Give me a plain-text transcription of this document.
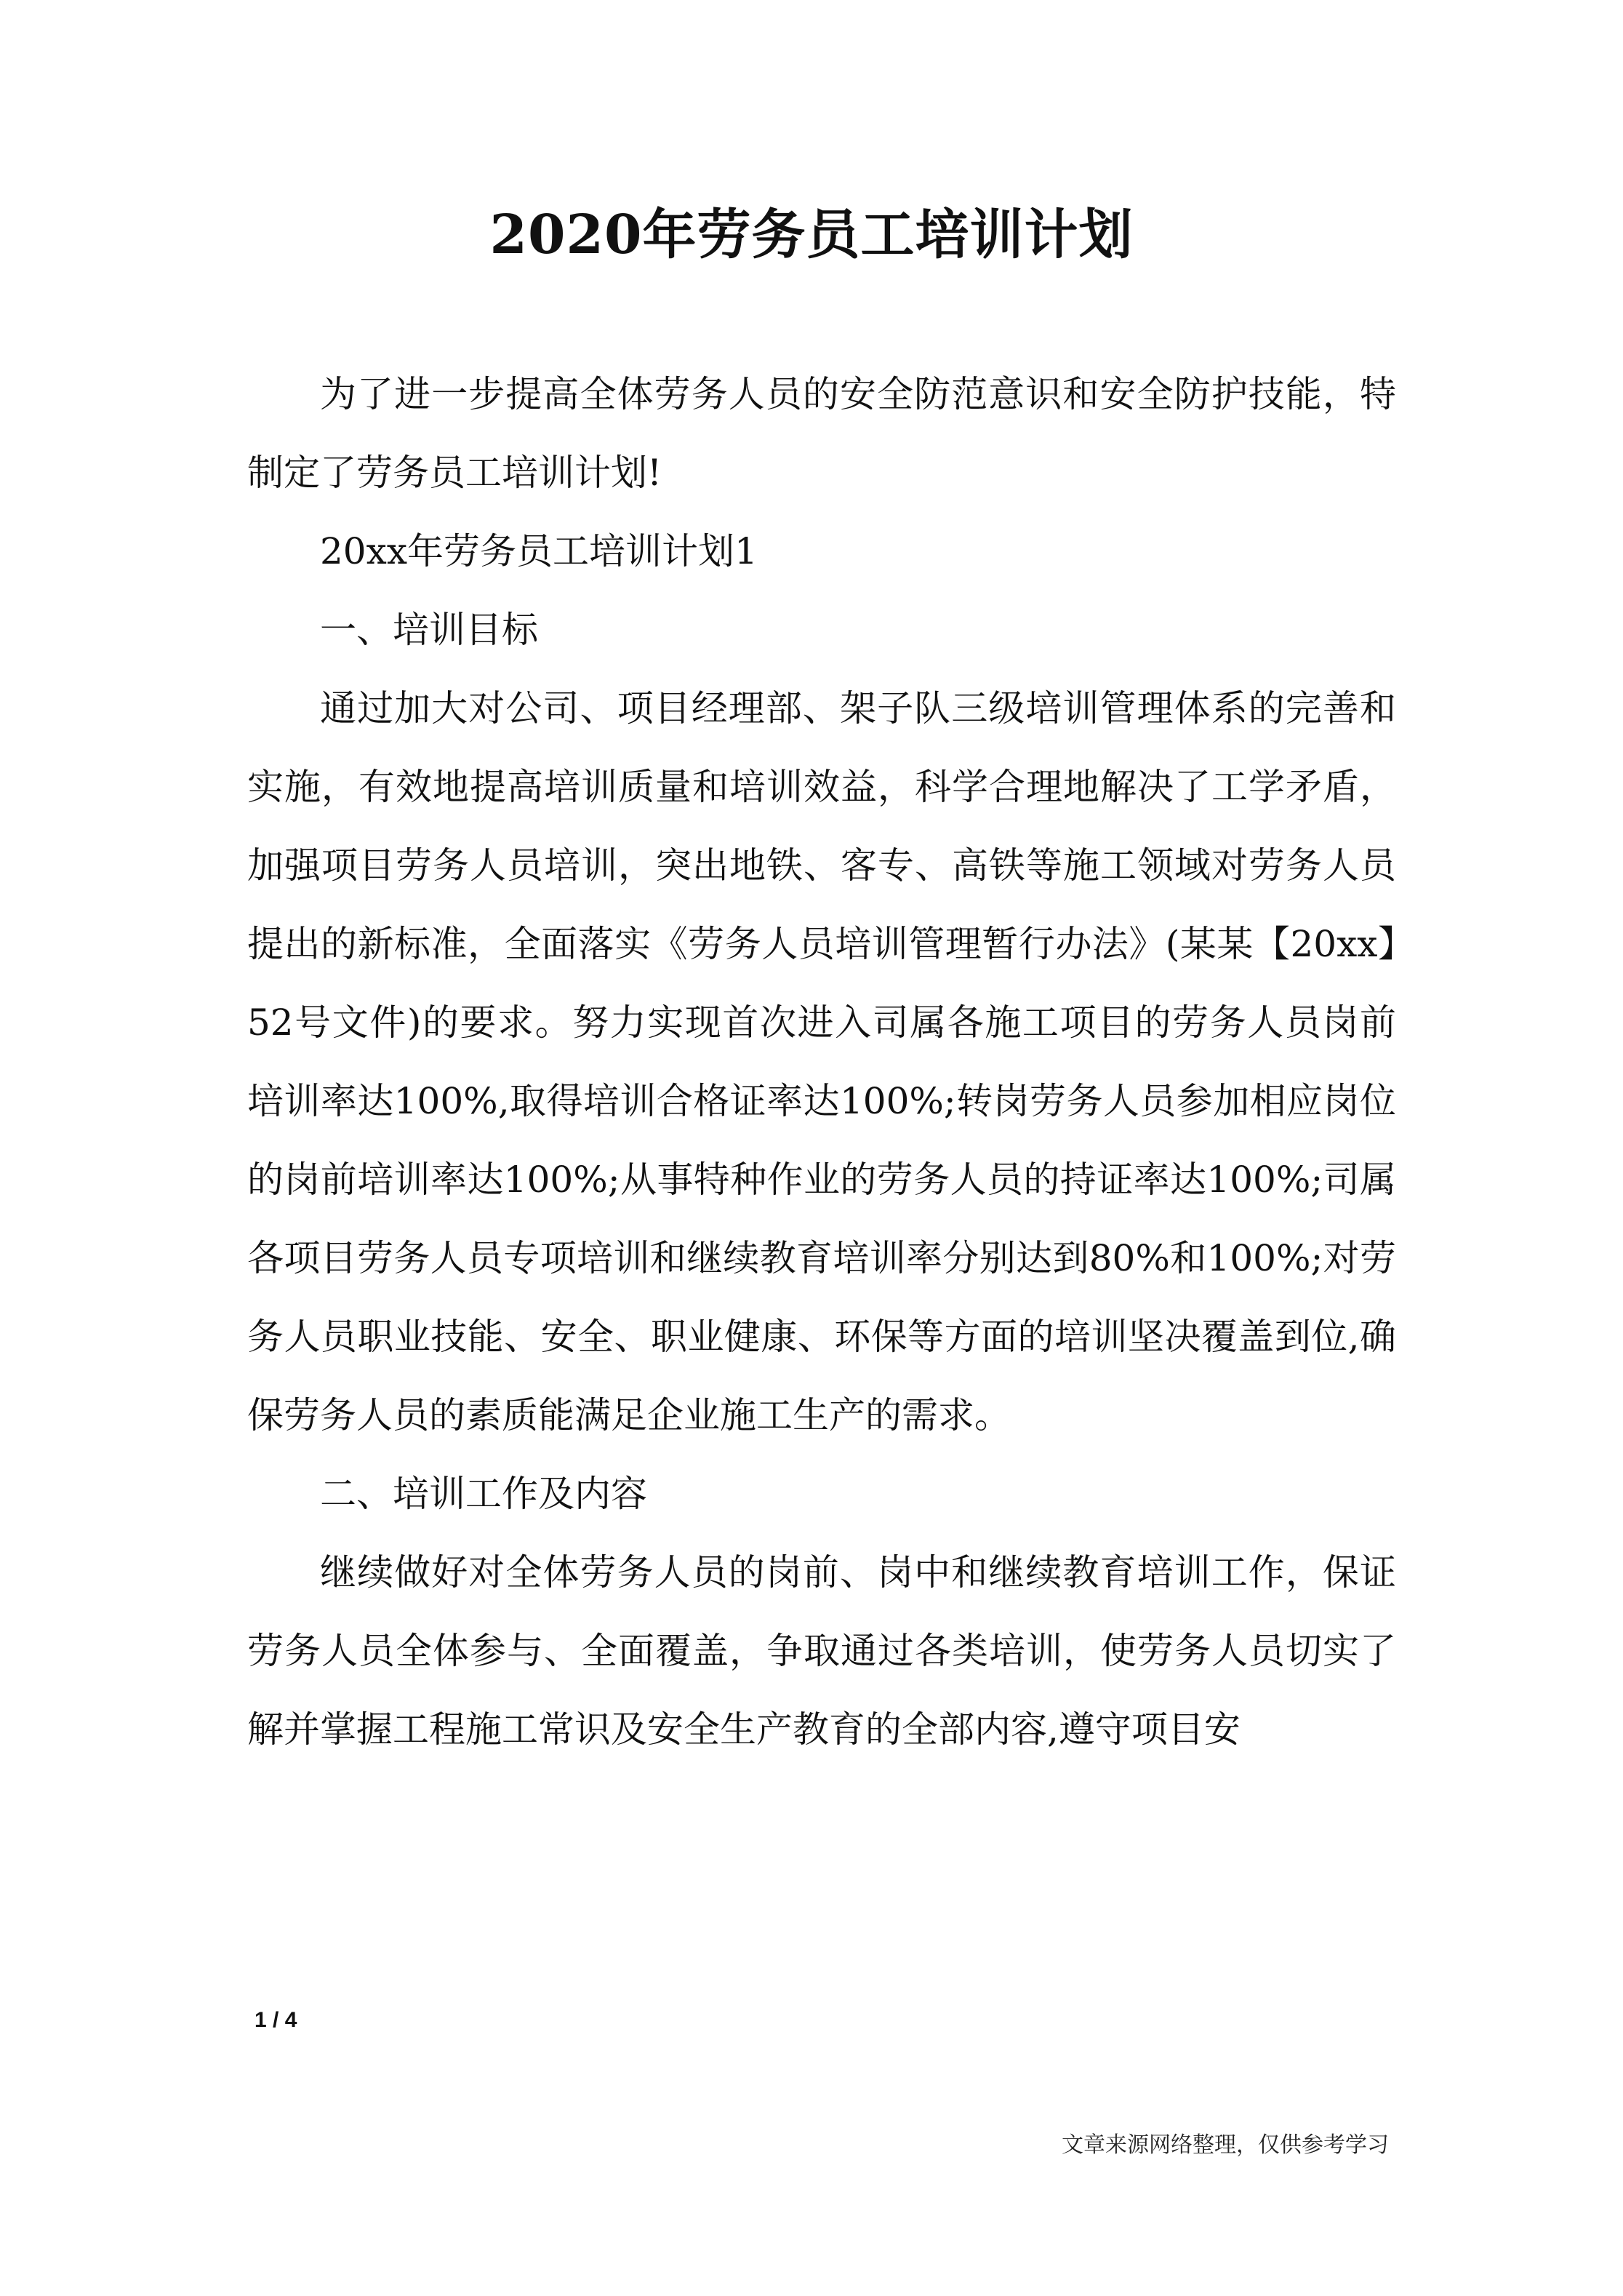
2020年劳务员工培训计划

为了进一步提高全体劳务人员的安全防范意识和安全防护技能，特制定了劳务员工培训计划!

20xx年劳务员工培训计划1

一、培训目标

通过加大对公司、项目经理部、架子队三级培训管理体系的完善和实施，有效地提高培训质量和培训效益，科学合理地解决了工学矛盾，加强项目劳务人员培训，突出地铁、客专、高铁等施工领域对劳务人员提出的新标准，全面落实《劳务人员培训管理暂行办法》(某某【20xx】52号文件)的要求。努力实现首次进入司属各施工项目的劳务人员岗前培训率达100%,取得培训合格证率达100%;转岗劳务人员参加相应岗位的岗前培训率达100%;从事特种作业的劳务人员的持证率达100%;司属各项目劳务人员专项培训和继续教育培训率分别达到80%和100%;对劳务人员职业技能、安全、职业健康、环保等方面的培训坚决覆盖到位,确保劳务人员的素质能满足企业施工生产的需求。

二、培训工作及内容

继续做好对全体劳务人员的岗前、岗中和继续教育培训工作，保证劳务人员全体参与、全面覆盖，争取通过各类培训，使劳务人员切实了解并掌握工程施工常识及安全生产教育的全部内容,遵守项目安

1 / 4
文章来源网络整理，仅供参考学习
